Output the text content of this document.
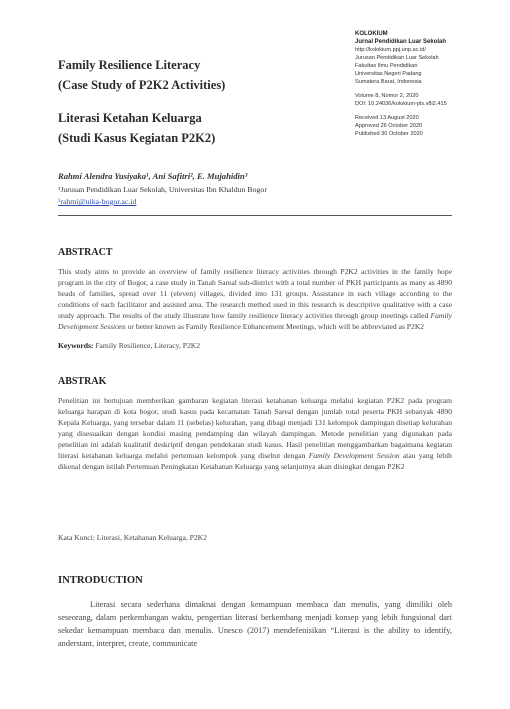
KOLOKIUM
Jurnal Pendidikan Luar Sekolah
http://kolokium.ppj.unp.ac.id/
Jurusan Pendidikan Luar Sekolah
Fakultas Ilmu Pendidikan
Universitas Negeri Padang
Sumatera Barat, Indonesia
Volume 8, Nomor 2, 2020
DOI: 10.24036/kolokium-pls.v8i2.415
Received 13 August 2020
Approved 26 October 2020
Published 30 October 2020
Family Resilience Literacy
(Case Study of P2K2 Activities)
Literasi Ketahan Keluarga
(Studi Kasus Kegiatan P2K2)
Rahmi Alendra Yusiyaka¹, Ani Safitri², E. Mujahidin³
¹Jurusan Pendidikan Luar Sekolah, Universitas Ibn Khaldun Bogor
¹rahmi@uika-bogor.ac.id
ABSTRACT

This study aims to provide an overview of family resilience literacy activities through P2K2 activities in the family hope program in the city of Bogor, a case study in Tanah Sareal sub-district with a total number of PKH participants as many as 4890 heads of families, spread over 11 (eleven) villages, divided into 131 groups. Assistance in each village according to the conditions of each facilitator and assisted area. The research method used in this research is descriptive qualitative with a case study approach. The results of the study illustrate how family resilience literacy activities through group meetings called Family Development Sessions or better known as Family Resilience Enhancement Meetings, which will be abbreviated as P2K2

Keywords: Family Resilience, Literacy, P2K2
ABSTRAK

Penelitian ini bertujuan memberikan gambaran kegiatan literasi ketahanan keluarga melalui kegiatan P2K2 pada program keluarga harapan di kota bogor, studi kasus pada kecamatan Tanah Sareal dengan jumlah total peserta PKH sebanyak 4890 Kepala Keluarga, yang tersebar dalam 11 (sebelas) kelurahan, yang dibagi menjadi 131 kelompok dampingan disetiap kelurahan yang disesuaikan dengan kondisi masing pendamping dan wilayah dampingan. Metode penelitian yang digunakan pada penelitian ini adalah kualitatif deskriptif dengan pendekatan studi kasus. Hasil penelitian menggambarkan bagaimana kegiatan literasi ketahanan keluarga melalui pertemuan kelompok yang disebut dengan Family Development Session atau yang lebih dikenal dengan istilah Pertemuan Peningkatan Ketahanan Keluarga yang selanjutnya akan disingkat dengan P2K2

Kata Kunci: Literasi, Ketahanan Keluarga, P2K2
INTRODUCTION

Literasi secara sederhana dimaknai dengan kemampuan membaca dan menulis, yang dimiliki oleh seseorang, dalam perkembangan waktu, pengertian literasi berkembang menjadi konsep yang lebih fungsional dari sekedar kemampuan membaca dan menulis. Unesco (2017) mendefenisikan “Literasi is the ability to identify, anderstant, interpret, create, communicate
